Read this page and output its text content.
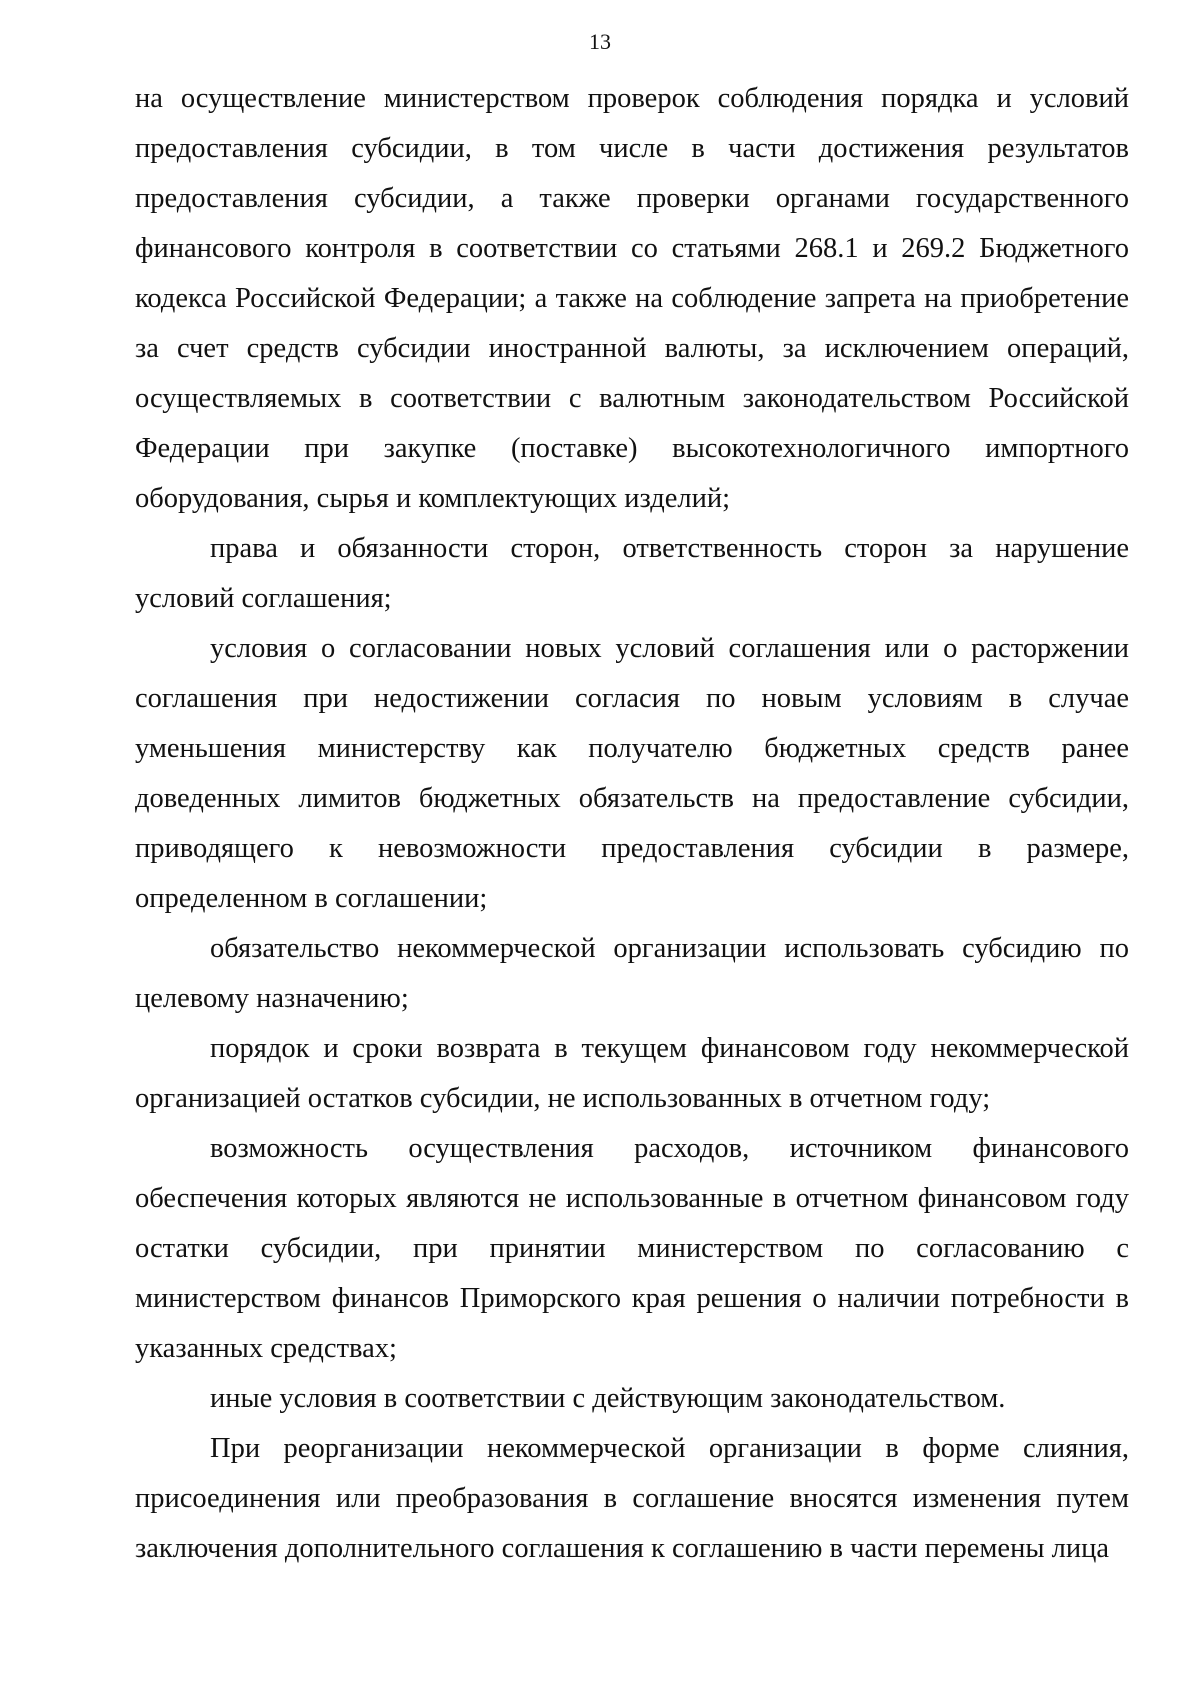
13

на осуществление министерством проверок соблюдения порядка и условий предоставления субсидии, в том числе в части достижения результатов предоставления субсидии, а также проверки органами государственного финансового контроля в соответствии со статьями 268.1 и 269.2 Бюджетного кодекса Российской Федерации; а также на соблюдение запрета на приобретение за счет средств субсидии иностранной валюты, за исключением операций, осуществляемых в соответствии с валютным законодательством Российской Федерации при закупке (поставке) высокотехнологичного импортного оборудования, сырья и комплектующих изделий;

права и обязанности сторон, ответственность сторон за нарушение условий соглашения;

условия о согласовании новых условий соглашения или о расторжении соглашения при недостижении согласия по новым условиям в случае уменьшения министерству как получателю бюджетных средств ранее доведенных лимитов бюджетных обязательств на предоставление субсидии, приводящего к невозможности предоставления субсидии в размере, определенном в соглашении;

обязательство некоммерческой организации использовать субсидию по целевому назначению;

порядок и сроки возврата в текущем финансовом году некоммерческой организацией остатков субсидии, не использованных в отчетном году;

возможность осуществления расходов, источником финансового обеспечения которых являются не использованные в отчетном финансовом году остатки субсидии, при принятии министерством по согласованию с министерством финансов Приморского края решения о наличии потребности в указанных средствах;

иные условия в соответствии с действующим законодательством.

При реорганизации некоммерческой организации в форме слияния, присоединения или преобразования в соглашение вносятся изменения путем заключения дополнительного соглашения к соглашению в части перемены лица
